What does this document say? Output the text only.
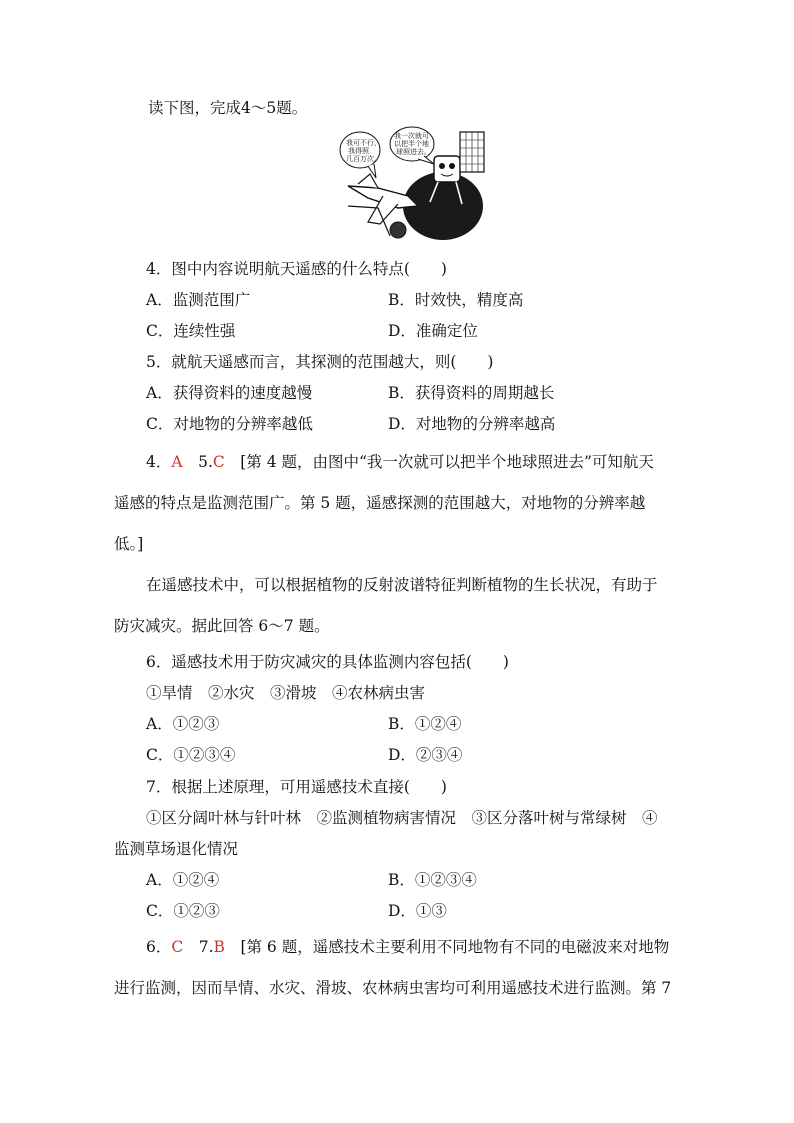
读下图，完成4～5题。
我可不行，
我得照
几百万次。
我一次就可
以把半个地
球照进去。
4．图中内容说明航天遥感的什么特点(　　)
A．监测范围广	B．时效快，精度高
C．连续性强	D．准确定位
5．就航天遥感而言，其探测的范围越大，则(　　)
A．获得资料的速度越慢	B．获得资料的周期越长
C．对地物的分辨率越低	D．对地物的分辨率越高
4．A　5.C　[第 4 题，由图中“我一次就可以把半个地球照进去”可知航天
遥感的特点是监测范围广。第 5 题，遥感探测的范围越大，对地物的分辨率越
低。]
在遥感技术中，可以根据植物的反射波谱特征判断植物的生长状况，有助于
防灾减灾。据此回答 6～7 题。
6．遥感技术用于防灾减灾的具体监测内容包括(　　)
①旱情　②水灾　③滑坡　④农林病虫害
A．①②③	B．①②④
C．①②③④	D．②③④
7．根据上述原理，可用遥感技术直接(　　)
①区分阔叶林与针叶林　②监测植物病害情况　③区分落叶树与常绿树　④
监测草场退化情况
A．①②④	B．①②③④
C．①②③	D．①③
6．C　7.B　[第 6 题，遥感技术主要利用不同地物有不同的电磁波来对地物
进行监测，因而旱情、水灾、滑坡、农林病虫害均可利用遥感技术进行监测。第 7
